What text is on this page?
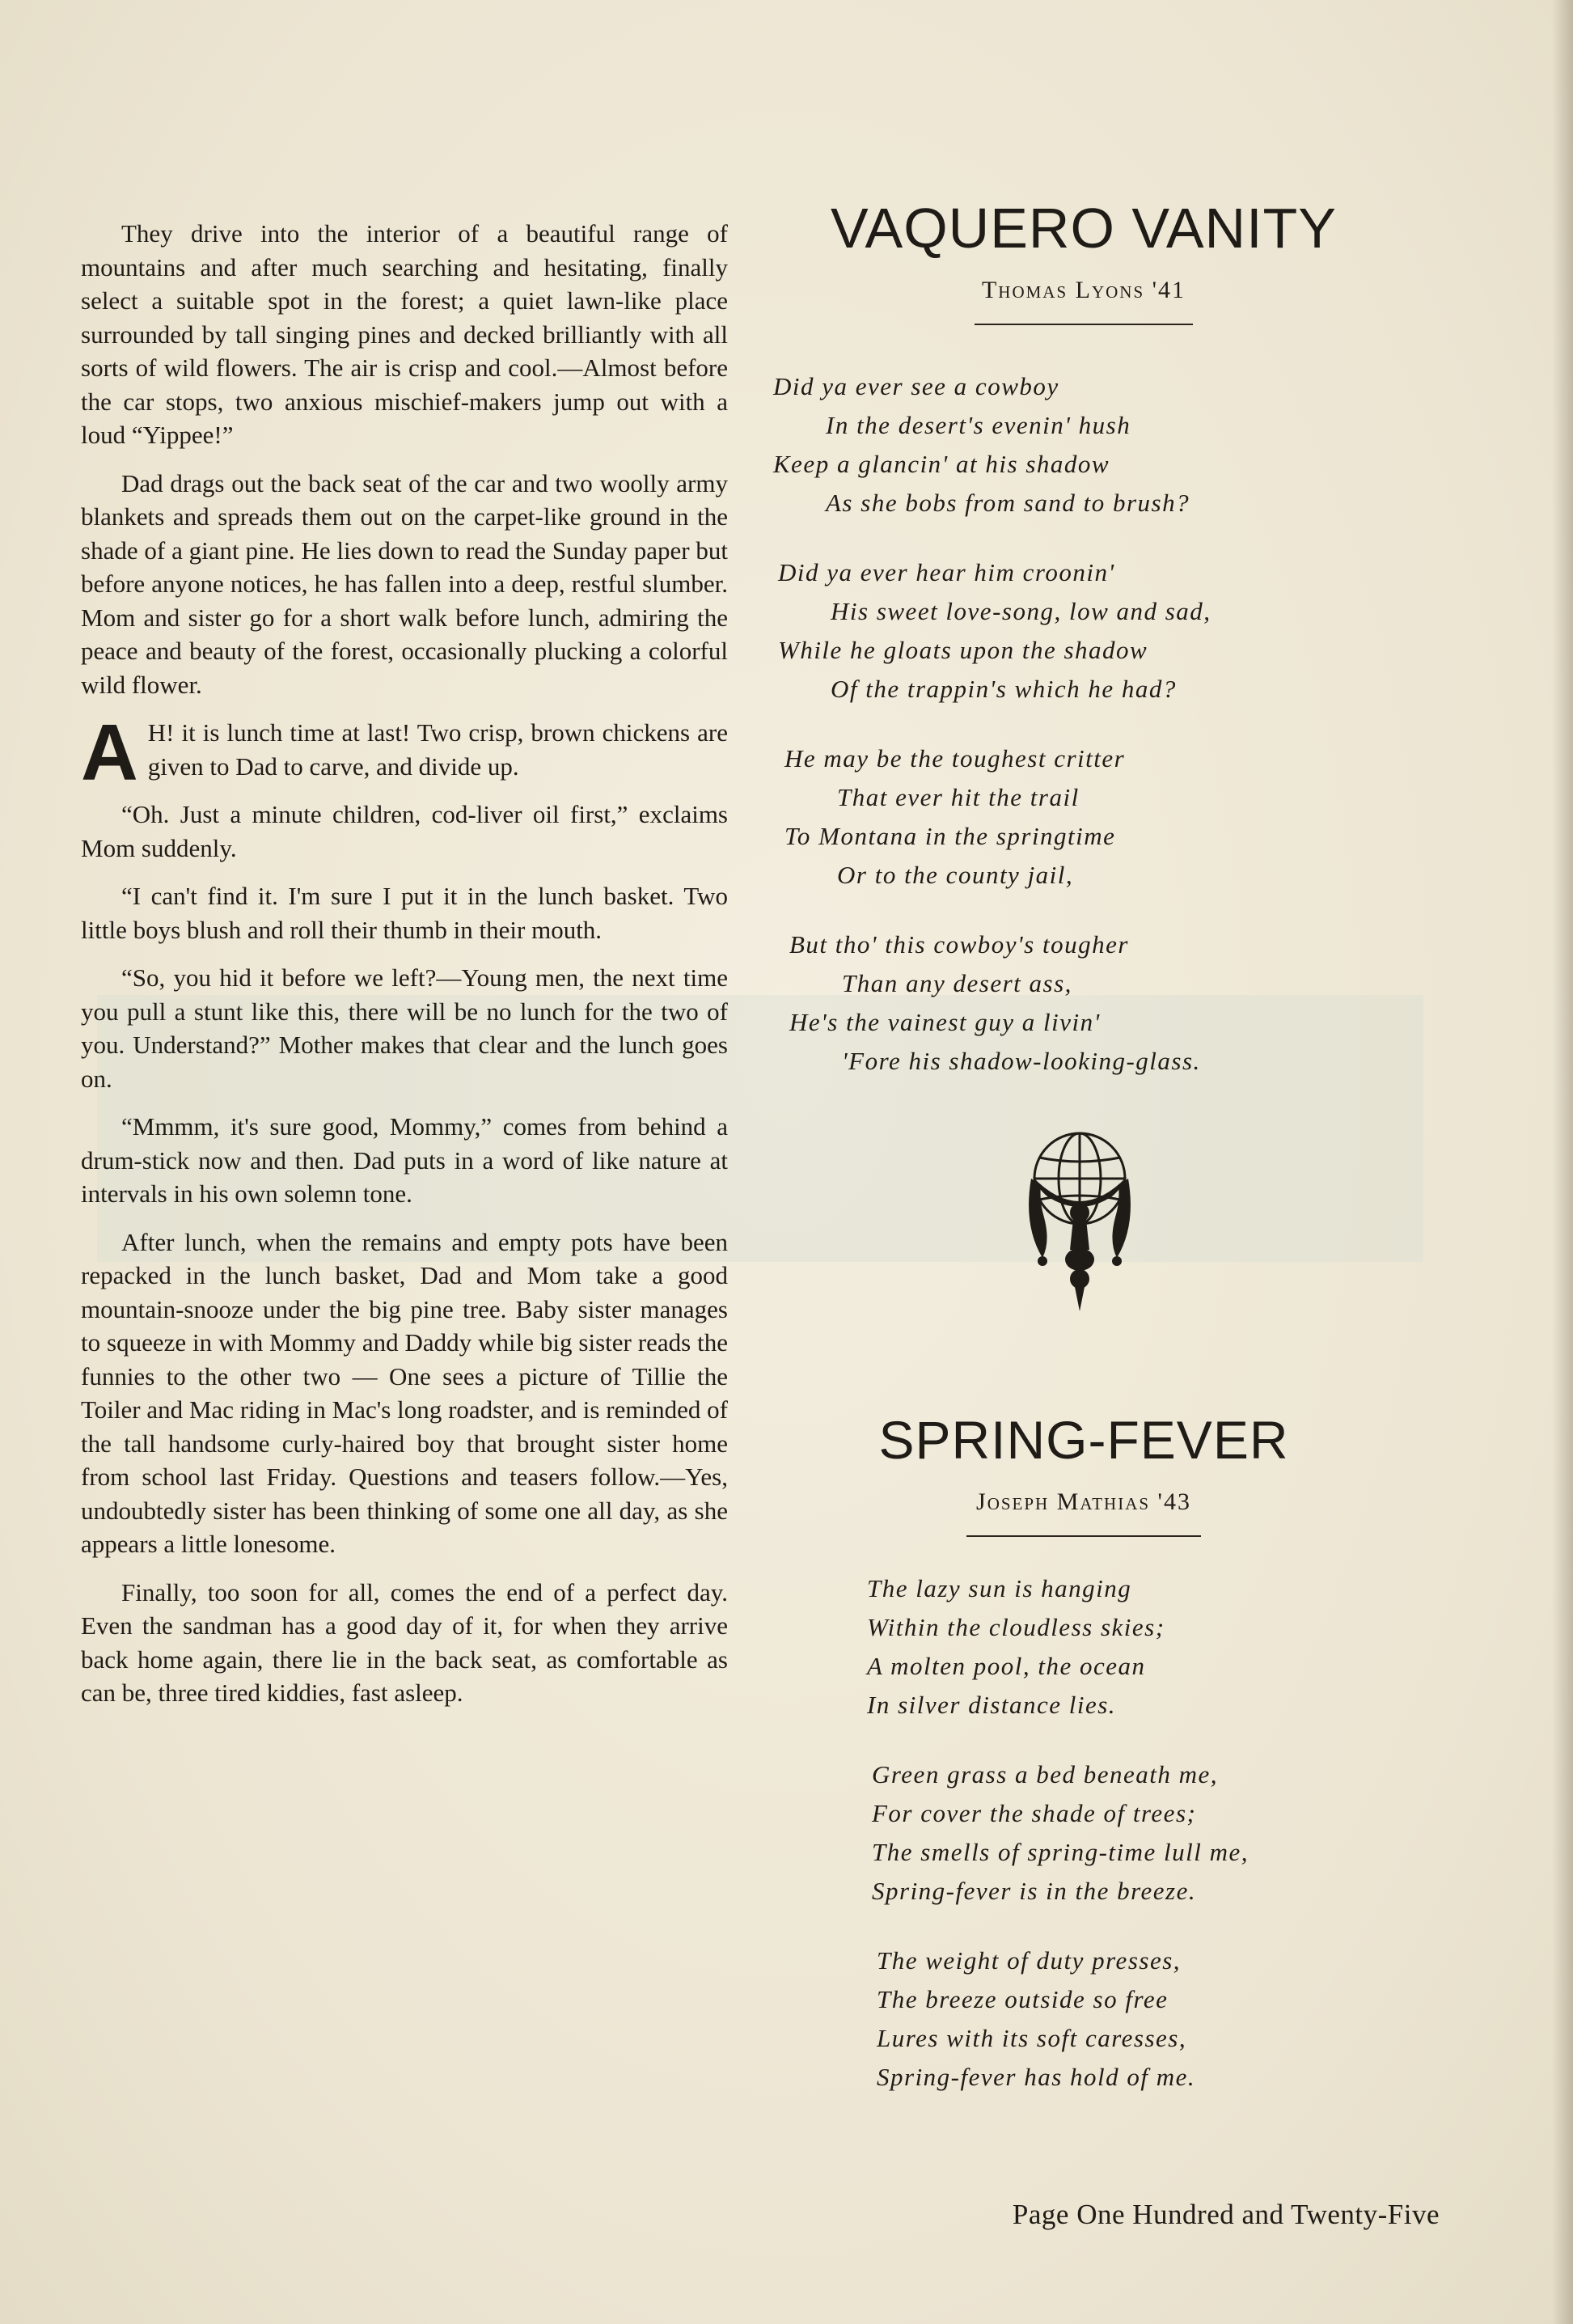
They drive into the interior of a beautiful range of mountains and after much searching and hesitating, finally select a suitable spot in the forest; a quiet lawn-like place surrounded by tall singing pines and decked brilliantly with all sorts of wild flowers. The air is crisp and cool.—Almost before the car stops, two anxious mischief-makers jump out with a loud “Yippee!”

Dad drags out the back seat of the car and two woolly army blankets and spreads them out on the carpet-like ground in the shade of a giant pine. He lies down to read the Sunday paper but before anyone notices, he has fallen into a deep, restful slumber. Mom and sister go for a short walk before lunch, admiring the peace and beauty of the forest, occasionally plucking a colorful wild flower.

A H! it is lunch time at last! Two crisp, brown chickens are given to Dad to carve, and divide up.

“Oh. Just a minute children, cod-liver oil first,” exclaims Mom suddenly.

“I can't find it. I'm sure I put it in the lunch basket. Two little boys blush and roll their thumb in their mouth.

“So, you hid it before we left?—Young men, the next time you pull a stunt like this, there will be no lunch for the two of you. Understand?” Mother makes that clear and the lunch goes on.

“Mmmm, it's sure good, Mommy,” comes from behind a drum-stick now and then. Dad puts in a word of like nature at intervals in his own solemn tone.

After lunch, when the remains and empty pots have been repacked in the lunch basket, Dad and Mom take a good mountain-snooze under the big pine tree. Baby sister manages to squeeze in with Mommy and Daddy while big sister reads the funnies to the other two — One sees a picture of Tillie the Toiler and Mac riding in Mac's long roadster, and is reminded of the tall handsome curly-haired boy that brought sister home from school last Friday. Questions and teasers follow.—Yes, undoubtedly sister has been thinking of some one all day, as she appears a little lonesome.

Finally, too soon for all, comes the end of a perfect day. Even the sandman has a good day of it, for when they arrive back home again, there lie in the back seat, as comfortable as can be, three tired kiddies, fast asleep.

VAQUERO VANITY
Thomas Lyons '41
Did ya ever see a cowboy
In the desert's evenin' hush
Keep a glancin' at his shadow
As she bobs from sand to brush?
Did ya ever hear him croonin'
His sweet love-song, low and sad,
While he gloats upon the shadow
Of the trappin's which he had?
He may be the toughest critter
That ever hit the trail
To Montana in the springtime
Or to the county jail,
But tho' this cowboy's tougher
Than any desert ass,
He's the vainest guy a livin'
'Fore his shadow-looking-glass.
SPRING-FEVER
Joseph Mathias '43
The lazy sun is hanging
Within the cloudless skies;
A molten pool, the ocean
In silver distance lies.
Green grass a bed beneath me,
For cover the shade of trees;
The smells of spring-time lull me,
Spring-fever is in the breeze.
The weight of duty presses,
The breeze outside so free
Lures with its soft caresses,
Spring-fever has hold of me.
Page One Hundred and Twenty-Five
